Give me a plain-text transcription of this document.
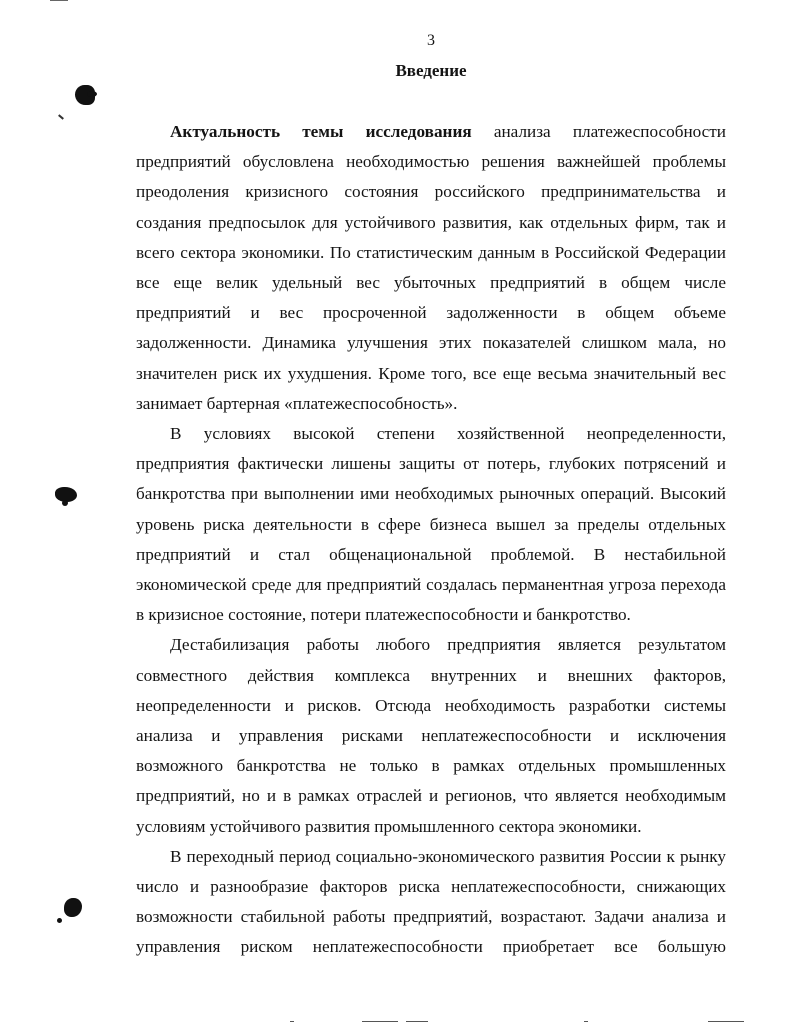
3
Введение

Актуальность темы исследования анализа платежеспособности предприятий обусловлена необходимостью решения важнейшей проблемы преодоления кризисного состояния российского предпринимательства и создания предпосылок для устойчивого развития, как отдельных фирм, так и всего сектора экономики. По статистическим данным в Российской Федерации все еще велик удельный вес убыточных предприятий в общем числе предприятий и вес просроченной задолженности в общем объеме задолженности. Динамика улучшения этих показателей слишком мала, но значителен риск их ухудшения. Кроме того, все еще весьма значительный вес занимает бартерная «платежеспособность».

В условиях высокой степени хозяйственной неопределенности, предприятия фактически лишены защиты от потерь, глубоких потрясений и банкротства при выполнении ими необходимых рыночных операций. Высокий уровень риска деятельности в сфере бизнеса вышел за пределы отдельных предприятий и стал общенациональной проблемой. В нестабильной экономической среде для предприятий создалась перманентная угроза перехода в кризисное состояние, потери платежеспособности и банкротство.

Дестабилизация работы любого предприятия является результатом совместного действия комплекса внутренних и внешних факторов, неопределенности и рисков. Отсюда необходимость разработки системы анализа и управления рисками неплатежеспособности и исключения возможного банкротства не только в рамках отдельных промышленных предприятий, но и в рамках отраслей и регионов, что является необходимым условиям устойчивого развития промышленного сектора экономики.

В переходный период социально-экономического развития России к рынку число и разнообразие факторов риска неплатежеспособности, снижающих возможности стабильной работы предприятий, возрастают. Задачи анализа и управления риском неплатежеспособности приобретает все большую
